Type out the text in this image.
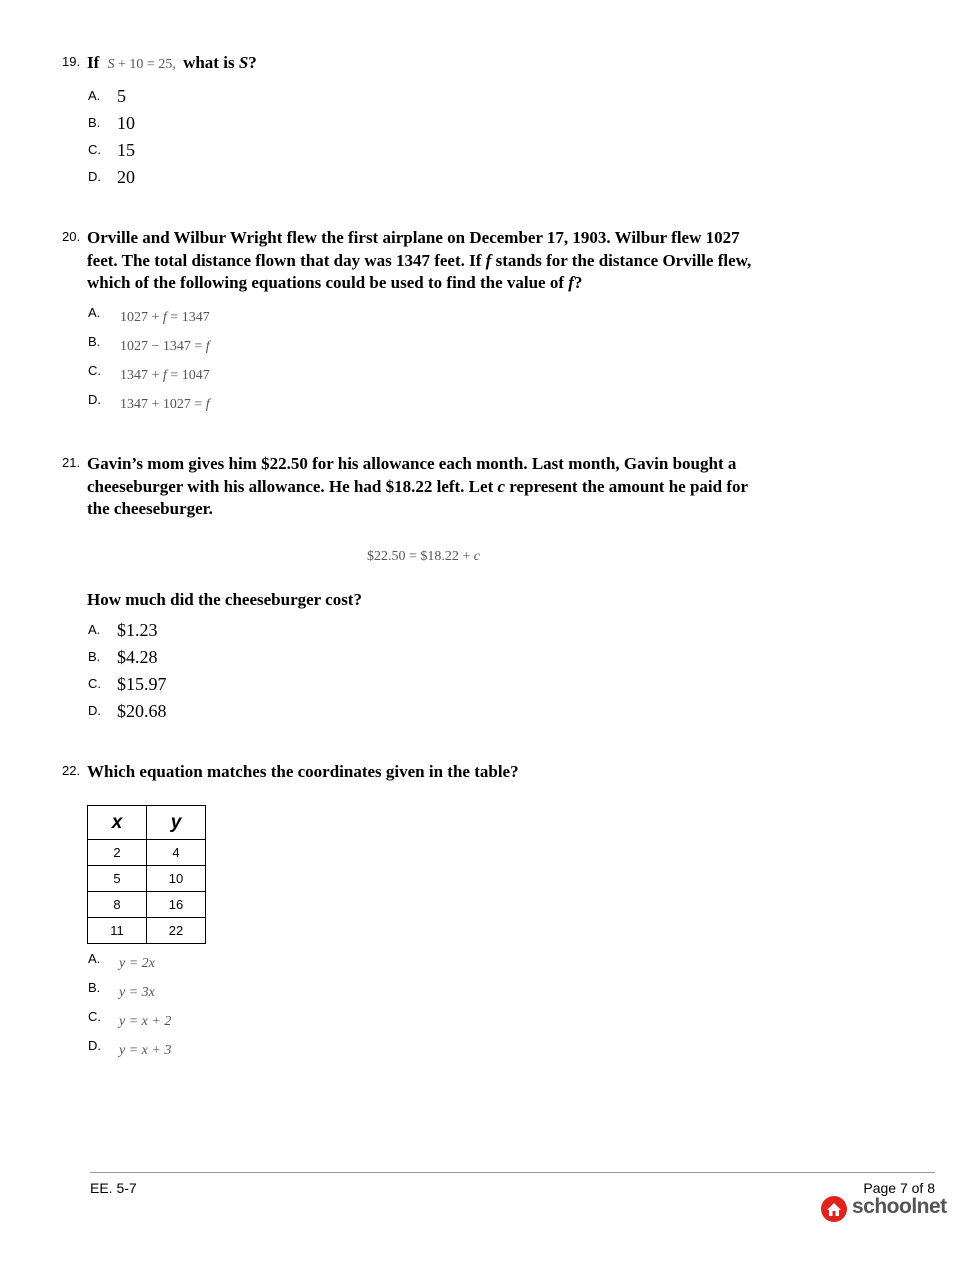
19. If S + 10 = 25, what is S?
A. 5
B. 10
C. 15
D. 20
20. Orville and Wilbur Wright flew the first airplane on December 17, 1903. Wilbur flew 1027
feet. The total distance flown that day was 1347 feet. If f stands for the distance Orville flew,
which of the following equations could be used to find the value of f?
A. 1027 + f = 1347
B. 1027 − 1347 = f
C. 1347 + f = 1047
D. 1347 + 1027 = f
21. Gavin’s mom gives him $22.50 for his allowance each month. Last month, Gavin bought a
cheeseburger with his allowance. He had $18.22 left. Let c represent the amount he paid for
the cheeseburger.
$22.50 = $18.22 + c
How much did the cheeseburger cost?
A. $1.23
B. $4.28
C. $15.97
D. $20.68
22. Which equation matches the coordinates given in the table?
x	y
2	4
5	10
8	16
11	22
A. y = 2x
B. y = 3x
C. y = x + 2
D. y = x + 3
EE. 5-7	Page 7 of 8
schoolnet
